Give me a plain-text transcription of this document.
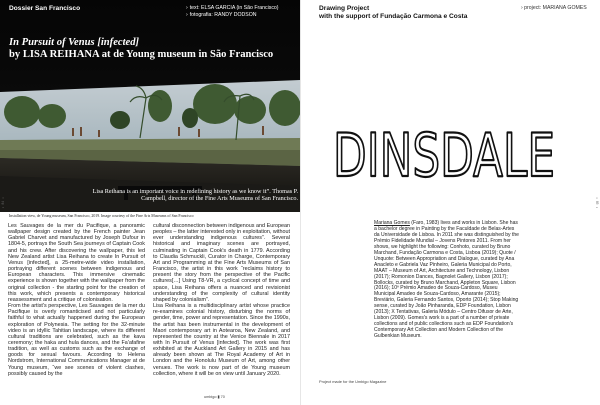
Dossier San Francisco	› text: ELSA GARCIA (in São Francisco)
› fotografia: RANDY DODSON
In Pursuit of Venus [infected]
by LISA REIHANA at de Young museum in São Francisco
Lisa Reihana is an important voice in redefining history as we know it”. Thomas P. Campbell, director of the Fine Arts Museums of San Francisco.
Installation view, de Young museum, San Francisco, 2019. Image courtesy of the Fine Arts Museums of San Francisco

Les Sauvages de la mer du Pacifique, a panoramic wallpaper design created by the French painter Jean Gabriel Charvet and manufactured by Joseph Dufour in 1804-5, portrays the South Sea journeys of Captain Cook and his crew. After discovering the wallpaper, this led New Zealand artist Lisa Reihana to create In Pursuit of Venus [infected], a 25-metre-wide video installation, portraying different scenes between indigenous and European characters. This immersive cinematic experience is shown together with the wallpaper from the original collection - the starting point for the creation of this work, which presents a contemporary historical reassessment and a critique of colonisation.

From the artist's perspective, Les Sauvages de la mer du Pacifique is overly romanticised and not particularly faithful to what actually happened during the European exploration of Polynesia. The setting for the 32-minute video is an idyllic Tahitian landscape, where its different cultural traditions are celebrated, such as the kava ceremony; the haka and hula dances, and the Fa'afafine tradition, as well as customs such as the exchange of goods for sexual favours. According to Helena Nordstrom, International Communications Manager at de Young museum, “we see scenes of violent clashes, possibly caused by the

cultural disconnection between indigenous and European peoples – the latter interested only in exploitation, without ever understanding indigenous cultures”. Several historical and imaginary scenes are portrayed, culminating in Captain Cook's death in 1779. According to Claudia Schmuckli, Curator in Charge, Contemporary Art and Programming at the Fine Arts Museums of San Francisco, the artist in this work “reclaims history to present the story from the perspective of the Pacific cultures[…] Using T8-VR, a cyclical concept of time and space, Lisa Reihana offers a nuanced and revisionist understanding of the complexity of cultural identity shaped by colonialism”.

Lisa Reihana is a multidisciplinary artist whose practice re-examines colonial history, disturbing the norms of gender, time, power and representation. Since the 1990s, the artist has been instrumental in the development of Maori contemporary art in Aotearoa, New Zealand, and represented the country at the Venice Biennale in 2017 with In Pursuit of Venus [infected]. The work was first exhibited at the Auckland Art Gallery in 2015 and has already been shown at The Royal Academy of Art in London and the Honolulu Museum of Art, among other venues. The work is now part of de Young museum collection, where it will be on view until January 2020.

umbigo ▮ 70
▪ 84 ▪
Drawing Project
with the support of Fundação Carmona e Costa
› project: MARIANA GOMES
DINSDALE
▪ 85 ▪

Mariana Gomes (Faro, 1983) lives and works in Lisbon. She has a bachelor degree in Painting by the Faculdade de Belas-Artes da Universidade de Lisboa. In 2011 she was distinguished by the Prémio Fidelidade Mundial – Jovens Pintores 2011. From her shows, we highlight the following: Conhoto, curated by Bruno Marchand, Fundação Carmona e Costa, Lisboa (2019); Quote / Unquote: Between Appropriation and Dialogue, curated by Ana Anacleto e Gabriela Vaz Pinheiro, Galeria Municipal do Porto, MAAT – Museum of Art, Architecture and Technology, Lisbon (2017); Romonion Dances, Bagnolet Gallery, Lisbon (2017); Bollocks, curated by Bruno Marchand, Appleton Square, Lisbon (2016); 10º Prémio Amadeo de Souza-Cardoso, Museu Municipal Amadeo de Souza-Cardoso, Amarante (2015); Breviário, Galeria Fernando Santos, Oporto (2014); Stop Making sense, curated by João Pinharanda, EDP Foundation, Lisbon (2013); X Tentativas, Galeria Módulo – Centro Difusor de Arte, Lisbon (2009). Gomes's work is a part of a number of private collections and of public collections such as EDP Foundation's Contemporary Art Collection and Modern Collection of the Gulbenkian Museum.

Project made for the Umbigo Magazine
